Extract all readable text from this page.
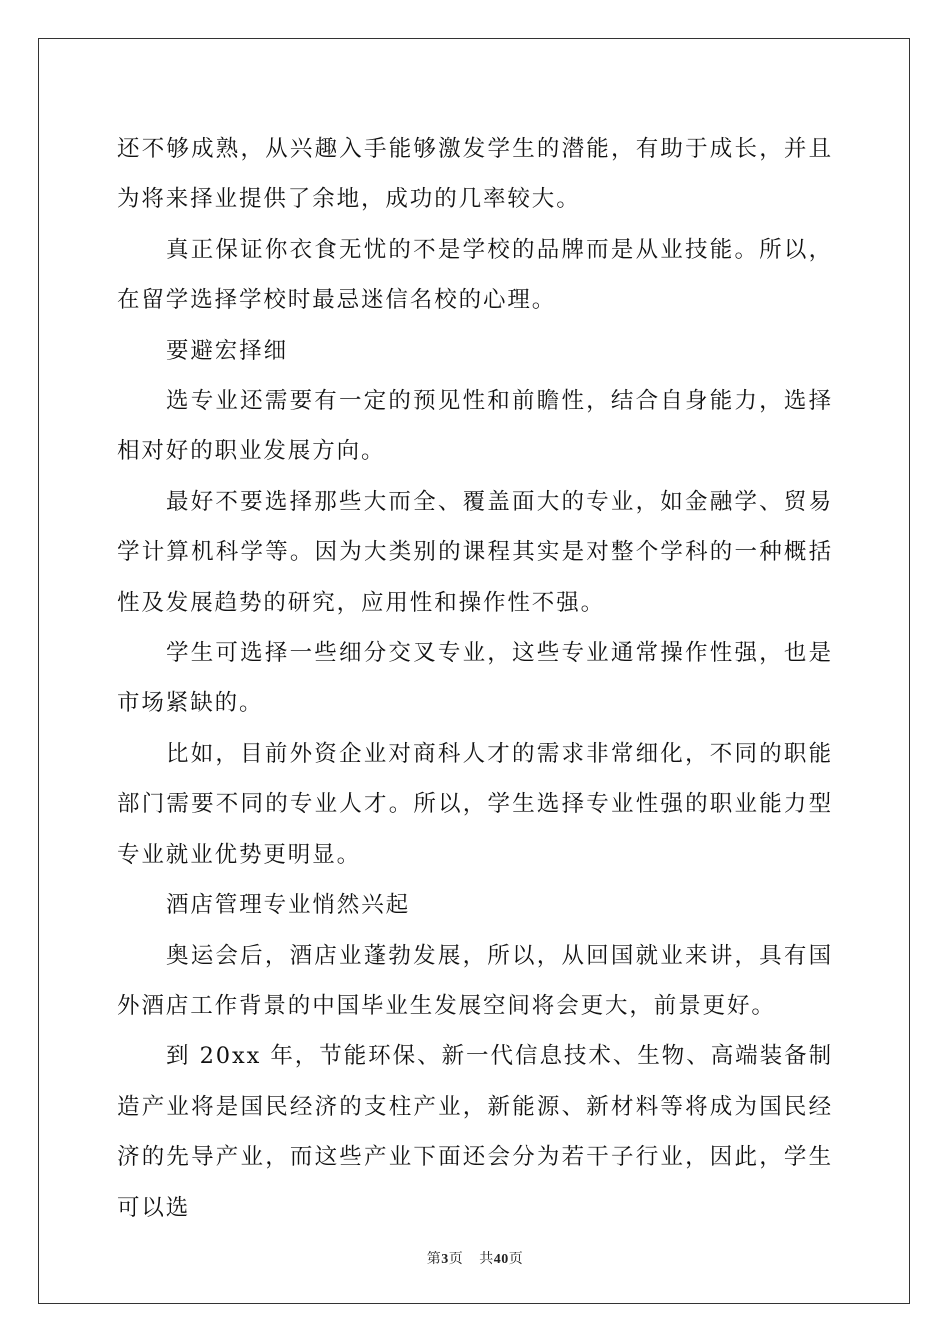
还不够成熟，从兴趣入手能够激发学生的潜能，有助于成长，并且为将来择业提供了余地，成功的几率较大。

真正保证你衣食无忧的不是学校的品牌而是从业技能。所以，在留学选择学校时最忌迷信名校的心理。

要避宏择细

选专业还需要有一定的预见性和前瞻性，结合自身能力，选择相对好的职业发展方向。

最好不要选择那些大而全、覆盖面大的专业，如金融学、贸易学计算机科学等。因为大类别的课程其实是对整个学科的一种概括性及发展趋势的研究，应用性和操作性不强。

学生可选择一些细分交叉专业，这些专业通常操作性强，也是市场紧缺的。

比如，目前外资企业对商科人才的需求非常细化，不同的职能部门需要不同的专业人才。所以，学生选择专业性强的职业能力型专业就业优势更明显。

酒店管理专业悄然兴起

奥运会后，酒店业蓬勃发展，所以，从回国就业来讲，具有国外酒店工作背景的中国毕业生发展空间将会更大，前景更好。

到 20xx 年，节能环保、新一代信息技术、生物、高端装备制造产业将是国民经济的支柱产业，新能源、新材料等将成为国民经济的先导产业，而这些产业下面还会分为若干子行业，因此，学生可以选

第3页 共40页
